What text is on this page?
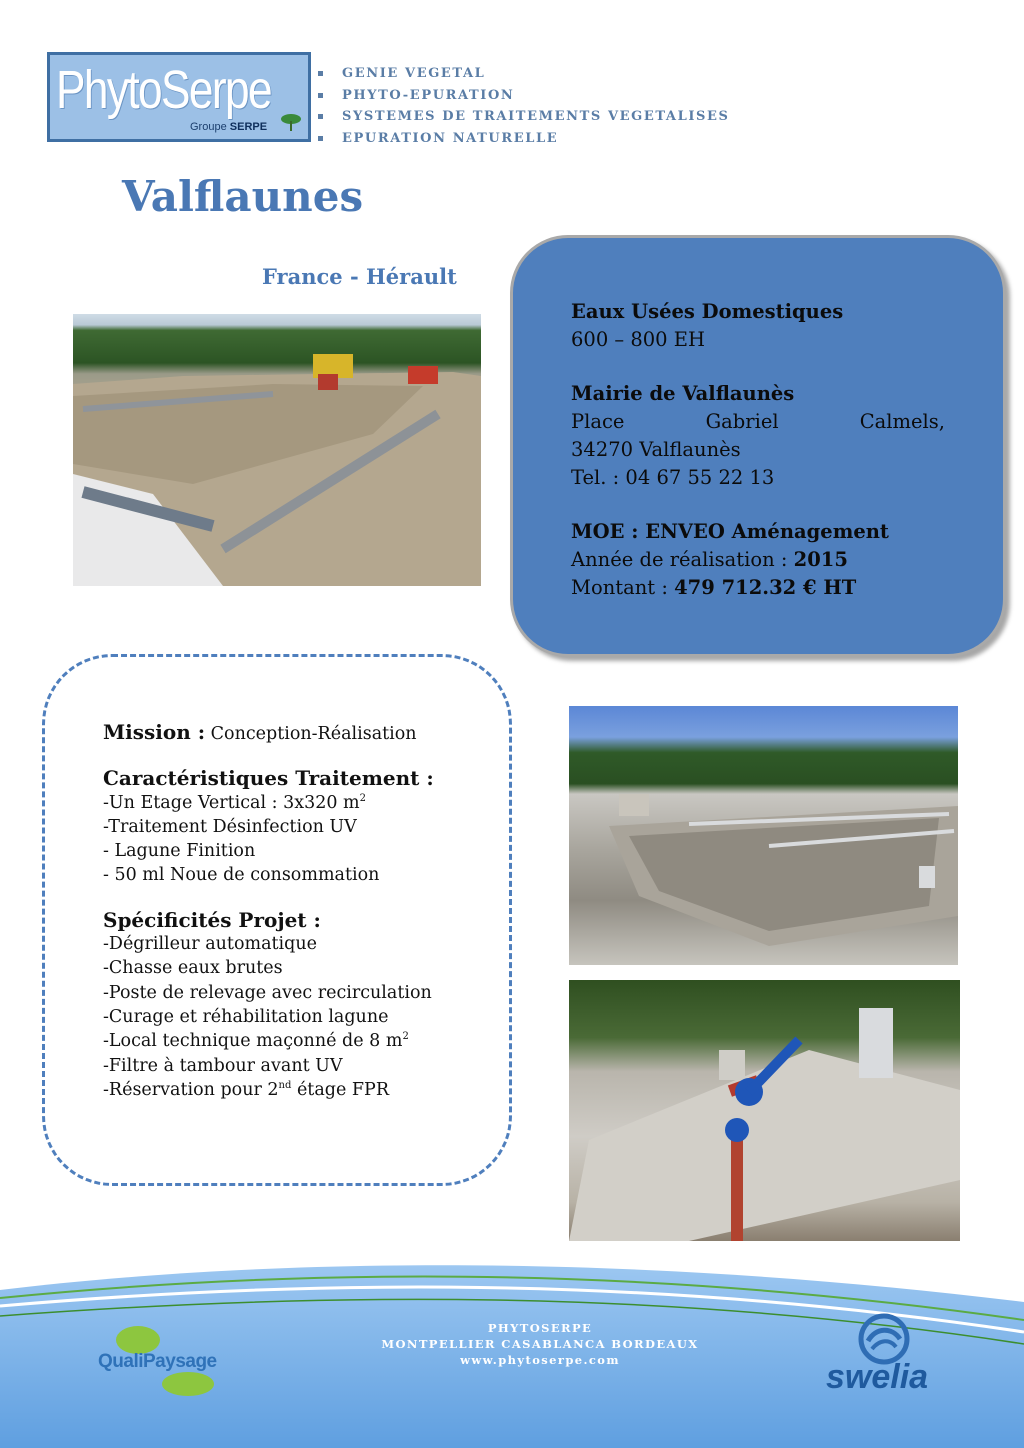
PhytoSerpe
Groupe SERPE
GENIE VEGETAL
PHYTO-EPURATION
SYSTEMES DE TRAITEMENTS VEGETALISES
EPURATION NATURELLE
Valflaunes
France - Hérault
Eaux Usées Domestiques
600 – 800 EH
Mairie de Valflaunès
Place	Gabriel	Calmels,
34270 Valflaunès
Tel. : 04 67 55 22 13
MOE : ENVEO Aménagement
Année de réalisation : 2015
Montant : 479 712.32 € HT
Mission : Conception-Réalisation
Caractéristiques Traitement :
-Un Etage Vertical : 3x320 $m^2$
-Traitement Désinfection UV
- Lagune Finition
- 50 ml Noue de consommation
Spécificités Projet :
-Dégrilleur automatique
-Chasse eaux brutes
-Poste de relevage avec recirculation
-Curage et réhabilitation lagune
-Local technique maçonné de 8 $m^2$
-Filtre à tambour avant UV
-Réservation pour 2nd étage FPR
PHYTOSERPE
MONTPELLIER CASABLANCA BORDEAUX
www.phytoserpe.com
QualiPaysage	swelia
